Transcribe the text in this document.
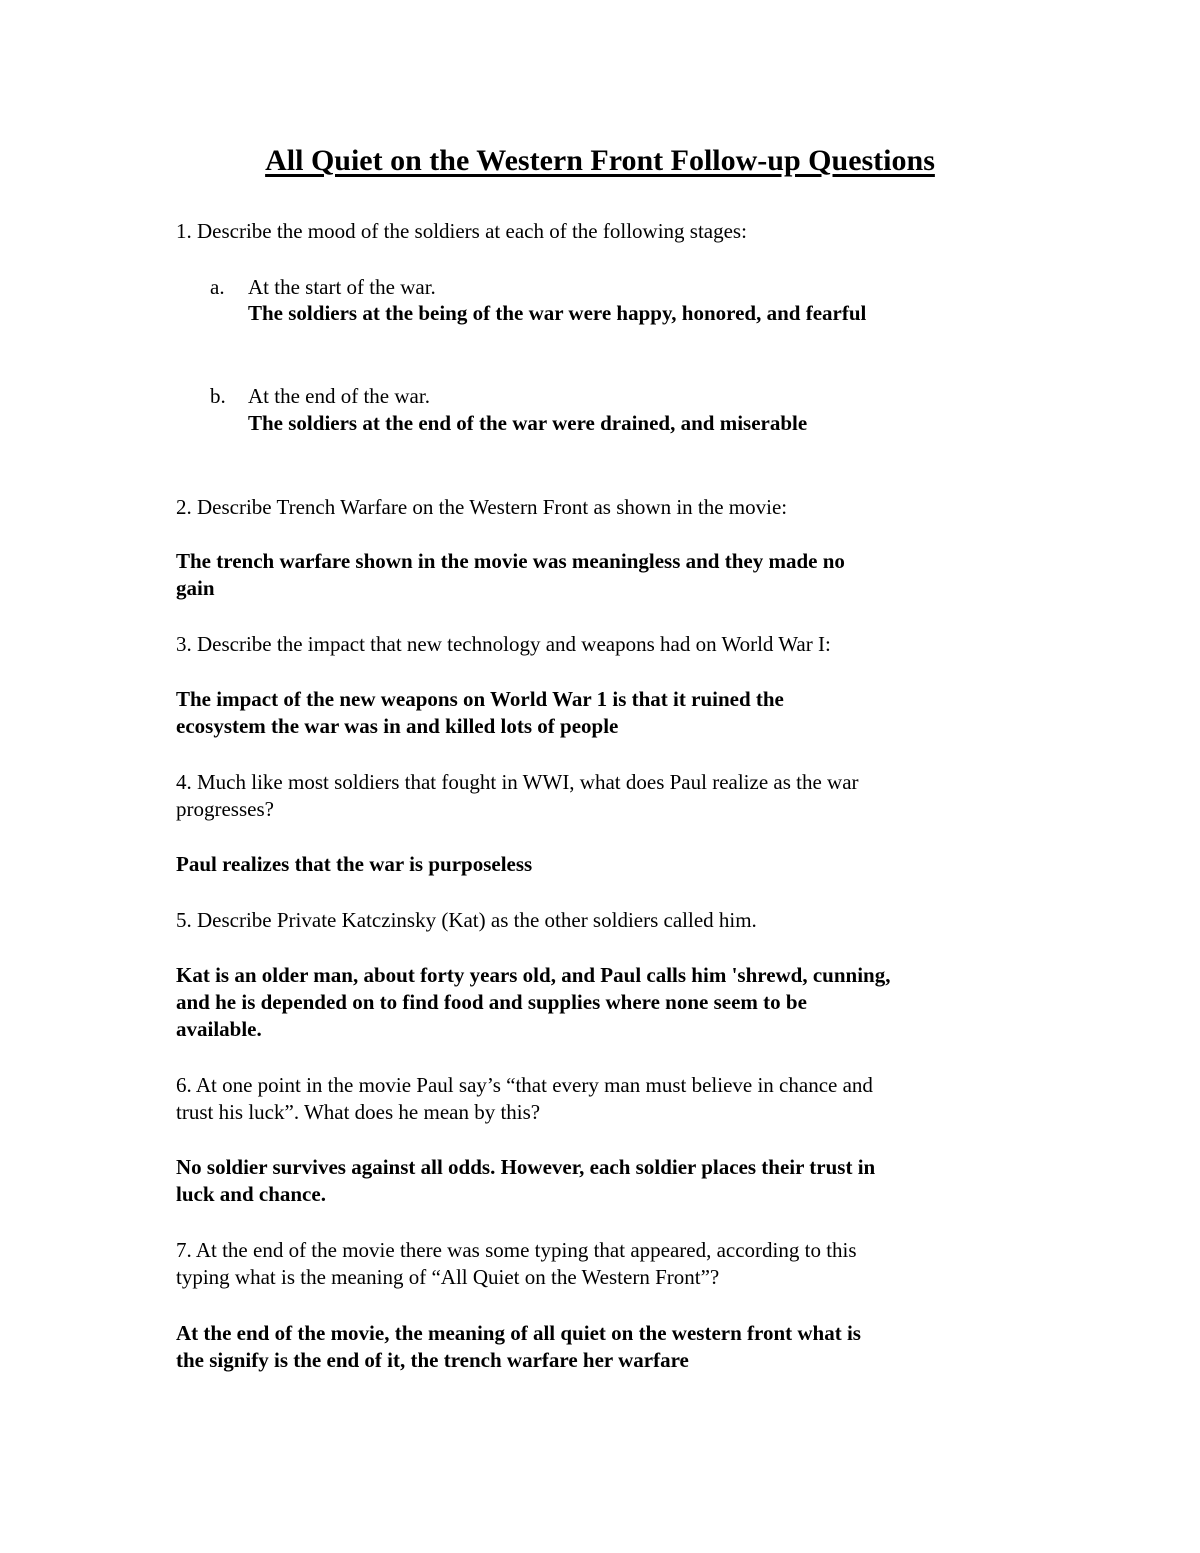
All Quiet on the Western Front Follow-up Questions
1. Describe the mood of the soldiers at each of the following stages:
a. At the start of the war.
The soldiers at the being of the war were happy, honored, and fearful
b. At the end of the war.
The soldiers at the end of the war were drained, and miserable
2. Describe Trench Warfare on the Western Front as shown in the movie:
The trench warfare shown in the movie was meaningless and they made no
gain
3. Describe the impact that new technology and weapons had on World War I:
The impact of the new weapons on World War 1 is that it ruined the
ecosystem the war was in and killed lots of people
4. Much like most soldiers that fought in WWI, what does Paul realize as the war
progresses?
Paul realizes that the war is purposeless
5. Describe Private Katczinsky (Kat) as the other soldiers called him.
Kat is an older man, about forty years old, and Paul calls him 'shrewd, cunning,
and he is depended on to find food and supplies where none seem to be
available.
6. At one point in the movie Paul say’s “that every man must believe in chance and
trust his luck”. What does he mean by this?
No soldier survives against all odds. However, each soldier places their trust in
luck and chance.
7. At the end of the movie there was some typing that appeared, according to this
typing what is the meaning of “All Quiet on the Western Front”?
At the end of the movie, the meaning of all quiet on the western front what is
the signify is the end of it, the trench warfare her warfare
